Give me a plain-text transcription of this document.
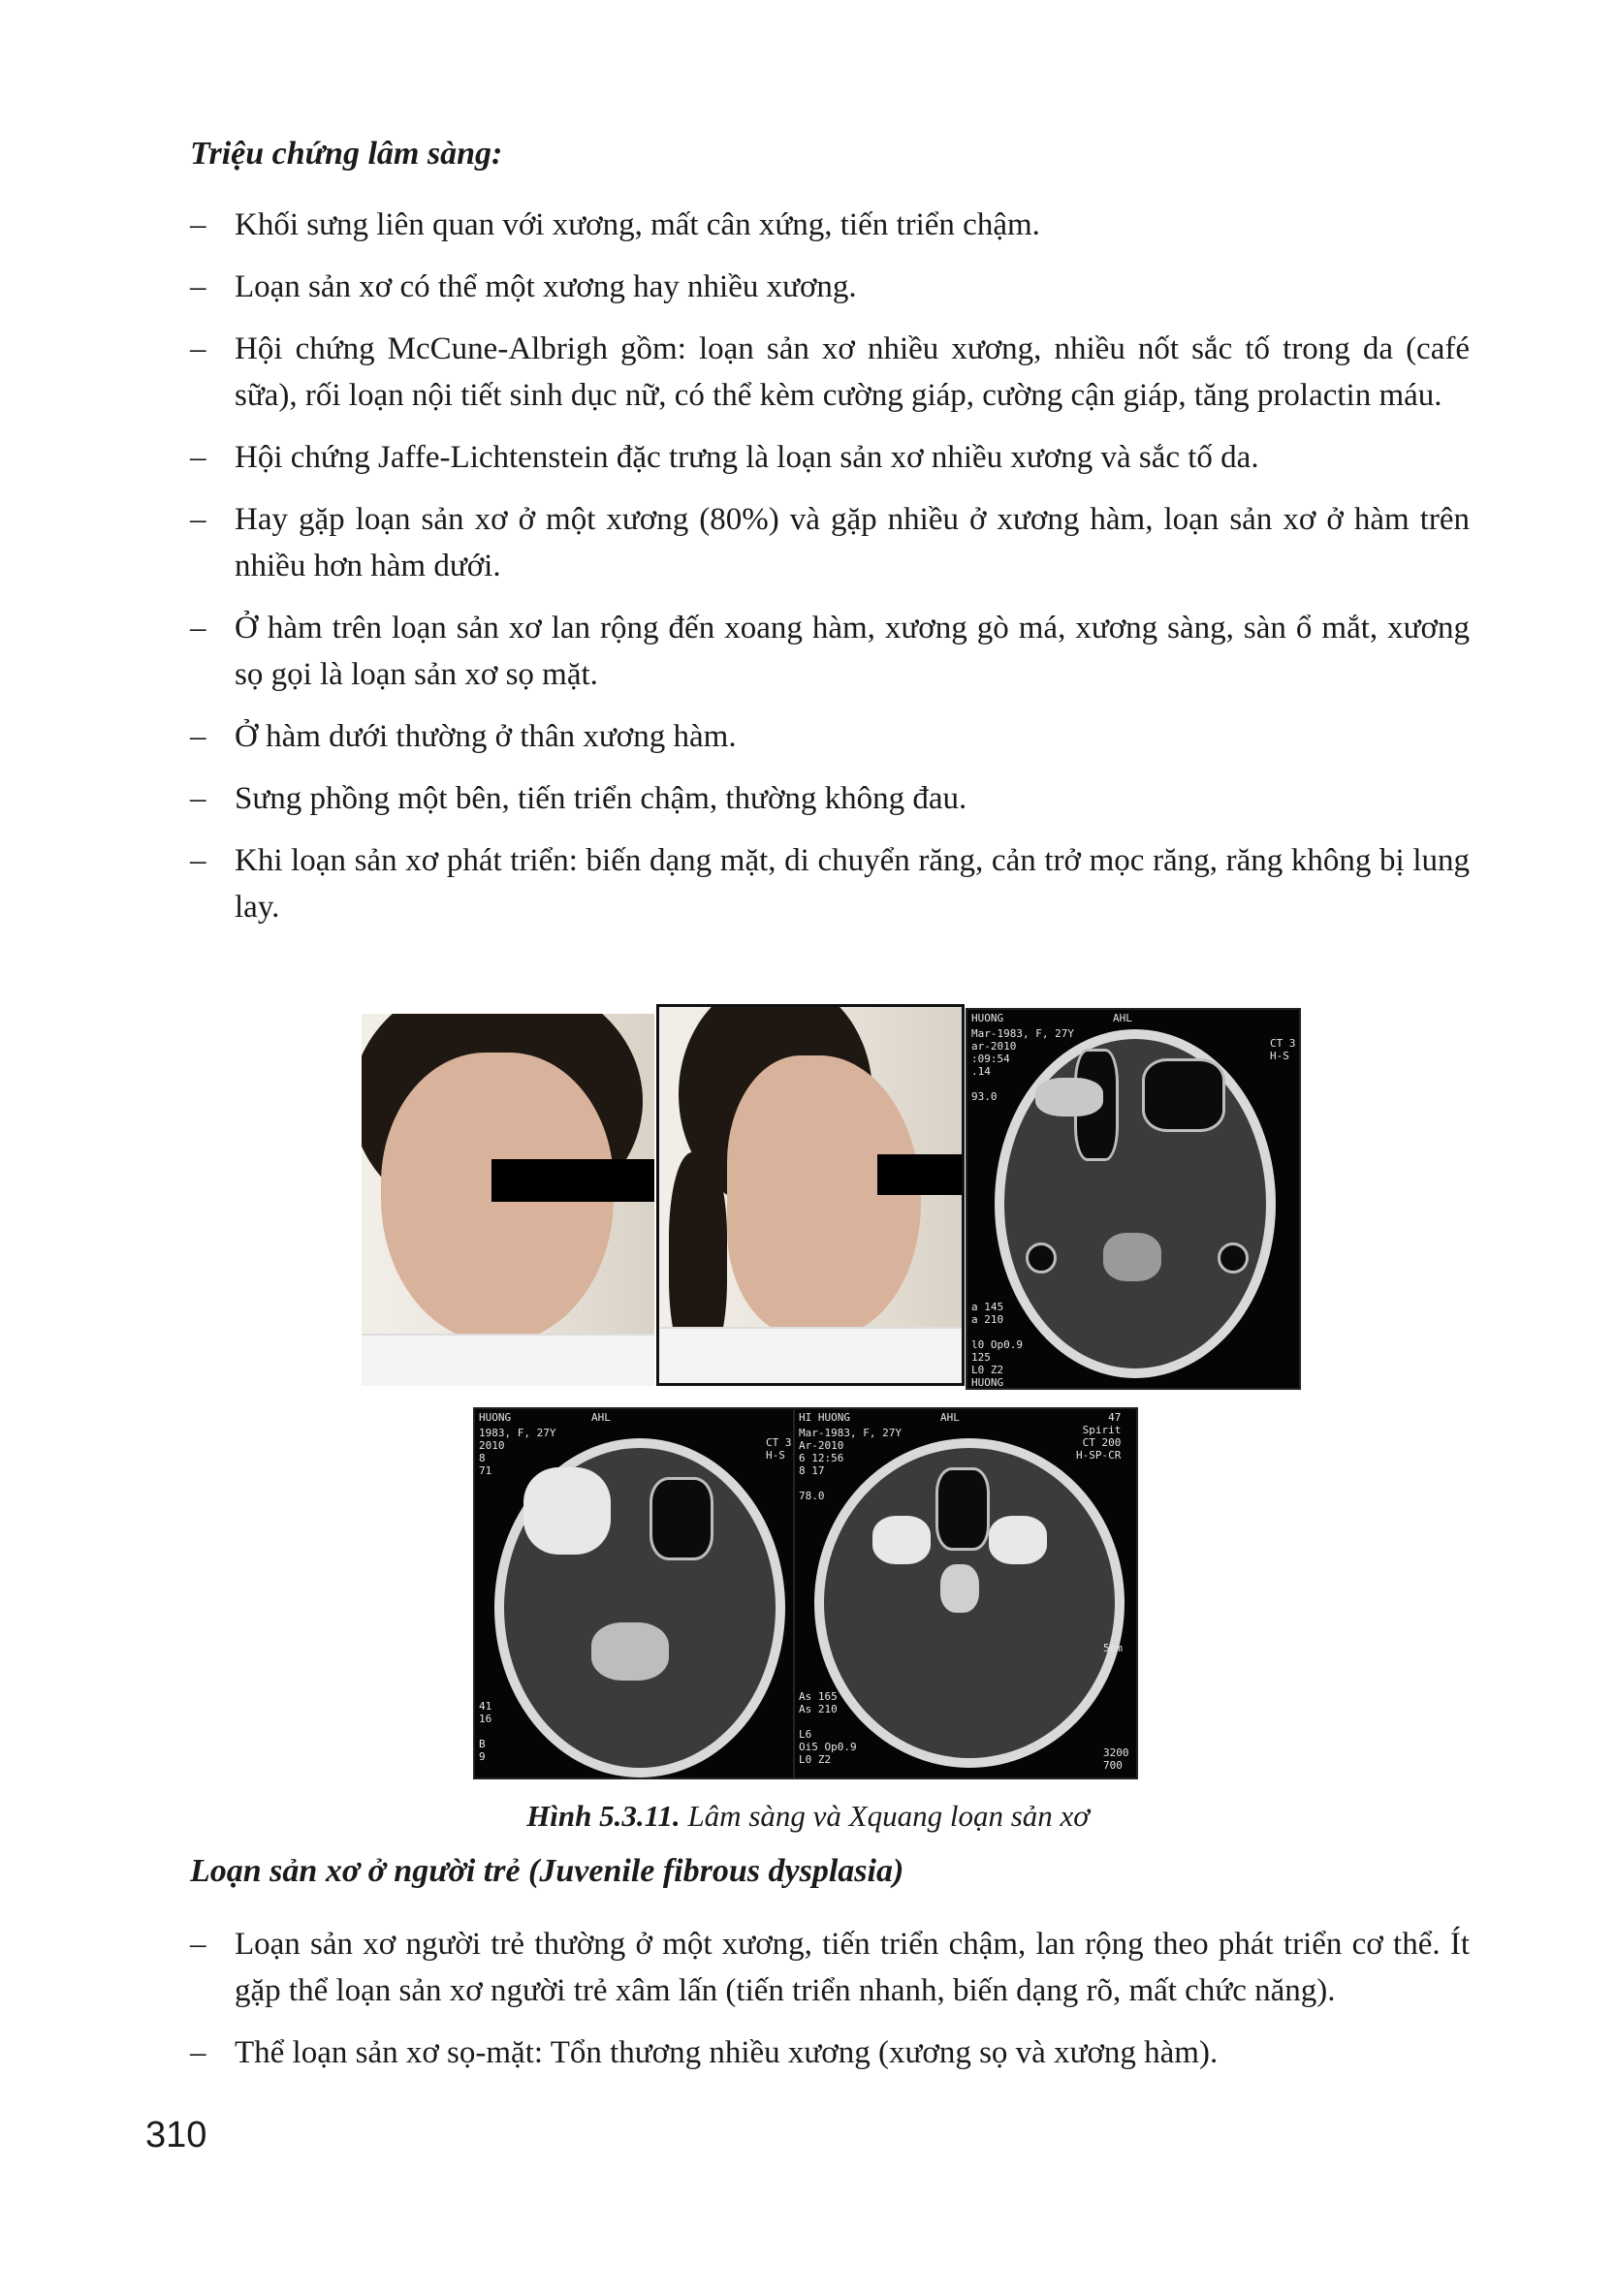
Triệu chứng lâm sàng:
– Khối sưng liên quan với xương, mất cân xứng, tiến triển chậm.
– Loạn sản xơ có thể một xương hay nhiều xương.
– Hội chứng McCune-Albrigh gồm: loạn sản xơ nhiều xương, nhiều nốt sắc tố trong da (café sữa), rối loạn nội tiết sinh dục nữ, có thể kèm cường giáp, cường cận giáp, tăng prolactin máu.
– Hội chứng Jaffe-Lichtenstein đặc trưng là loạn sản xơ nhiều xương và sắc tố da.
– Hay gặp loạn sản xơ ở một xương (80%) và gặp nhiều ở xương hàm, loạn sản xơ ở hàm trên nhiều hơn hàm dưới.
– Ở hàm trên loạn sản xơ lan rộng đến xoang hàm, xương gò má, xương sàng, sàn ổ mắt, xương sọ gọi là loạn sản xơ sọ mặt.
– Ở hàm dưới thường ở thân xương hàm.
– Sưng phồng một bên, tiến triển chậm, thường không đau.
– Khi loạn sản xơ phát triển: biến dạng mặt, di chuyển răng, cản trở mọc răng, răng không bị lung lay.
HUONG	AHL
Mar-1983, F, 27Y
ar-2010
:09:54
.14

93.0
CT 3
H-S
a 145
a 210

l0 Op0.9
125
L0 Z2
HUONG
HUONG	AHL
1983, F, 27Y
2010
8
71
CT 3
H-S
41
16

B
9
HI HUONG	AHL
Mar-1983, F, 27Y
Ar-2010
6 12:56
8 17

78.0
47
Spirit
CT 200
H-SP-CR
As 165
As 210

L6
Oi5 Op0.9
L0 Z2
5cm
3200
700
Hình 5.3.11. Lâm sàng và Xquang loạn sản xơ
Loạn sản xơ ở người trẻ (Juvenile fibrous dysplasia)
– Loạn sản xơ người trẻ thường ở một xương, tiến triển chậm, lan rộng theo phát triển cơ thể. Ít gặp thể loạn sản xơ người trẻ xâm lấn (tiến triển nhanh, biến dạng rõ, mất chức năng).
– Thể loạn sản xơ sọ-mặt: Tổn thương nhiều xương (xương sọ và xương hàm).
310
